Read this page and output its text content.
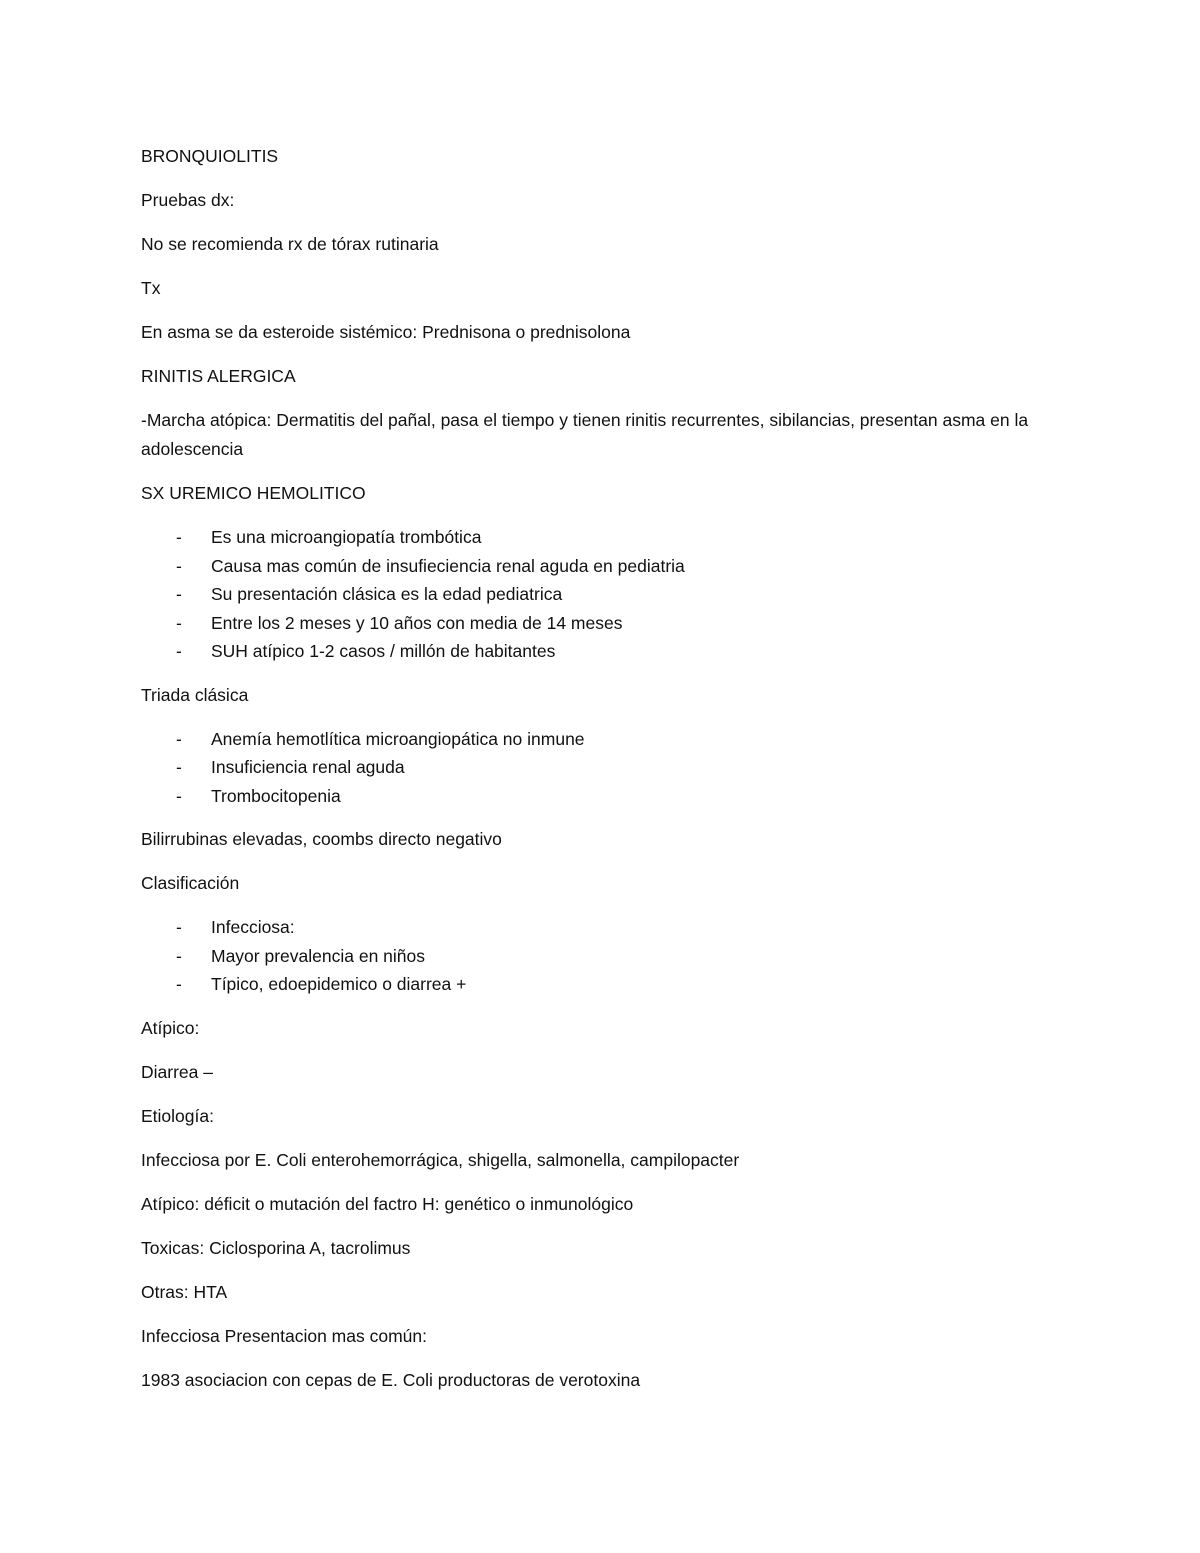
BRONQUIOLITIS

Pruebas dx:

No se recomienda rx de tórax rutinaria

Tx

En asma se da esteroide sistémico: Prednisona o prednisolona

RINITIS ALERGICA

-Marcha atópica: Dermatitis del pañal, pasa el tiempo y tienen rinitis recurrentes, sibilancias, presentan asma en la adolescencia

SX UREMICO HEMOLITICO

- Es una microangiopatía trombótica
- Causa mas común de insufieciencia renal aguda en pediatria
- Su presentación clásica es la edad pediatrica
- Entre los 2 meses y 10 años con media de 14 meses
- SUH atípico 1-2 casos / millón de habitantes

Triada clásica

- Anemía hemotlítica microangiopática no inmune
- Insuficiencia renal aguda
- Trombocitopenia

Bilirrubinas elevadas, coombs directo negativo

Clasificación

- Infecciosa:
- Mayor prevalencia en niños
- Típico, edoepidemico o diarrea +

Atípico:

Diarrea –

Etiología:

Infecciosa por E. Coli enterohemorrágica, shigella, salmonella, campilopacter

Atípico: déficit o mutación del factro H: genético o inmunológico

Toxicas: Ciclosporina A, tacrolimus

Otras: HTA

Infecciosa Presentacion mas común:

1983 asociacion con cepas de E. Coli productoras de verotoxina
